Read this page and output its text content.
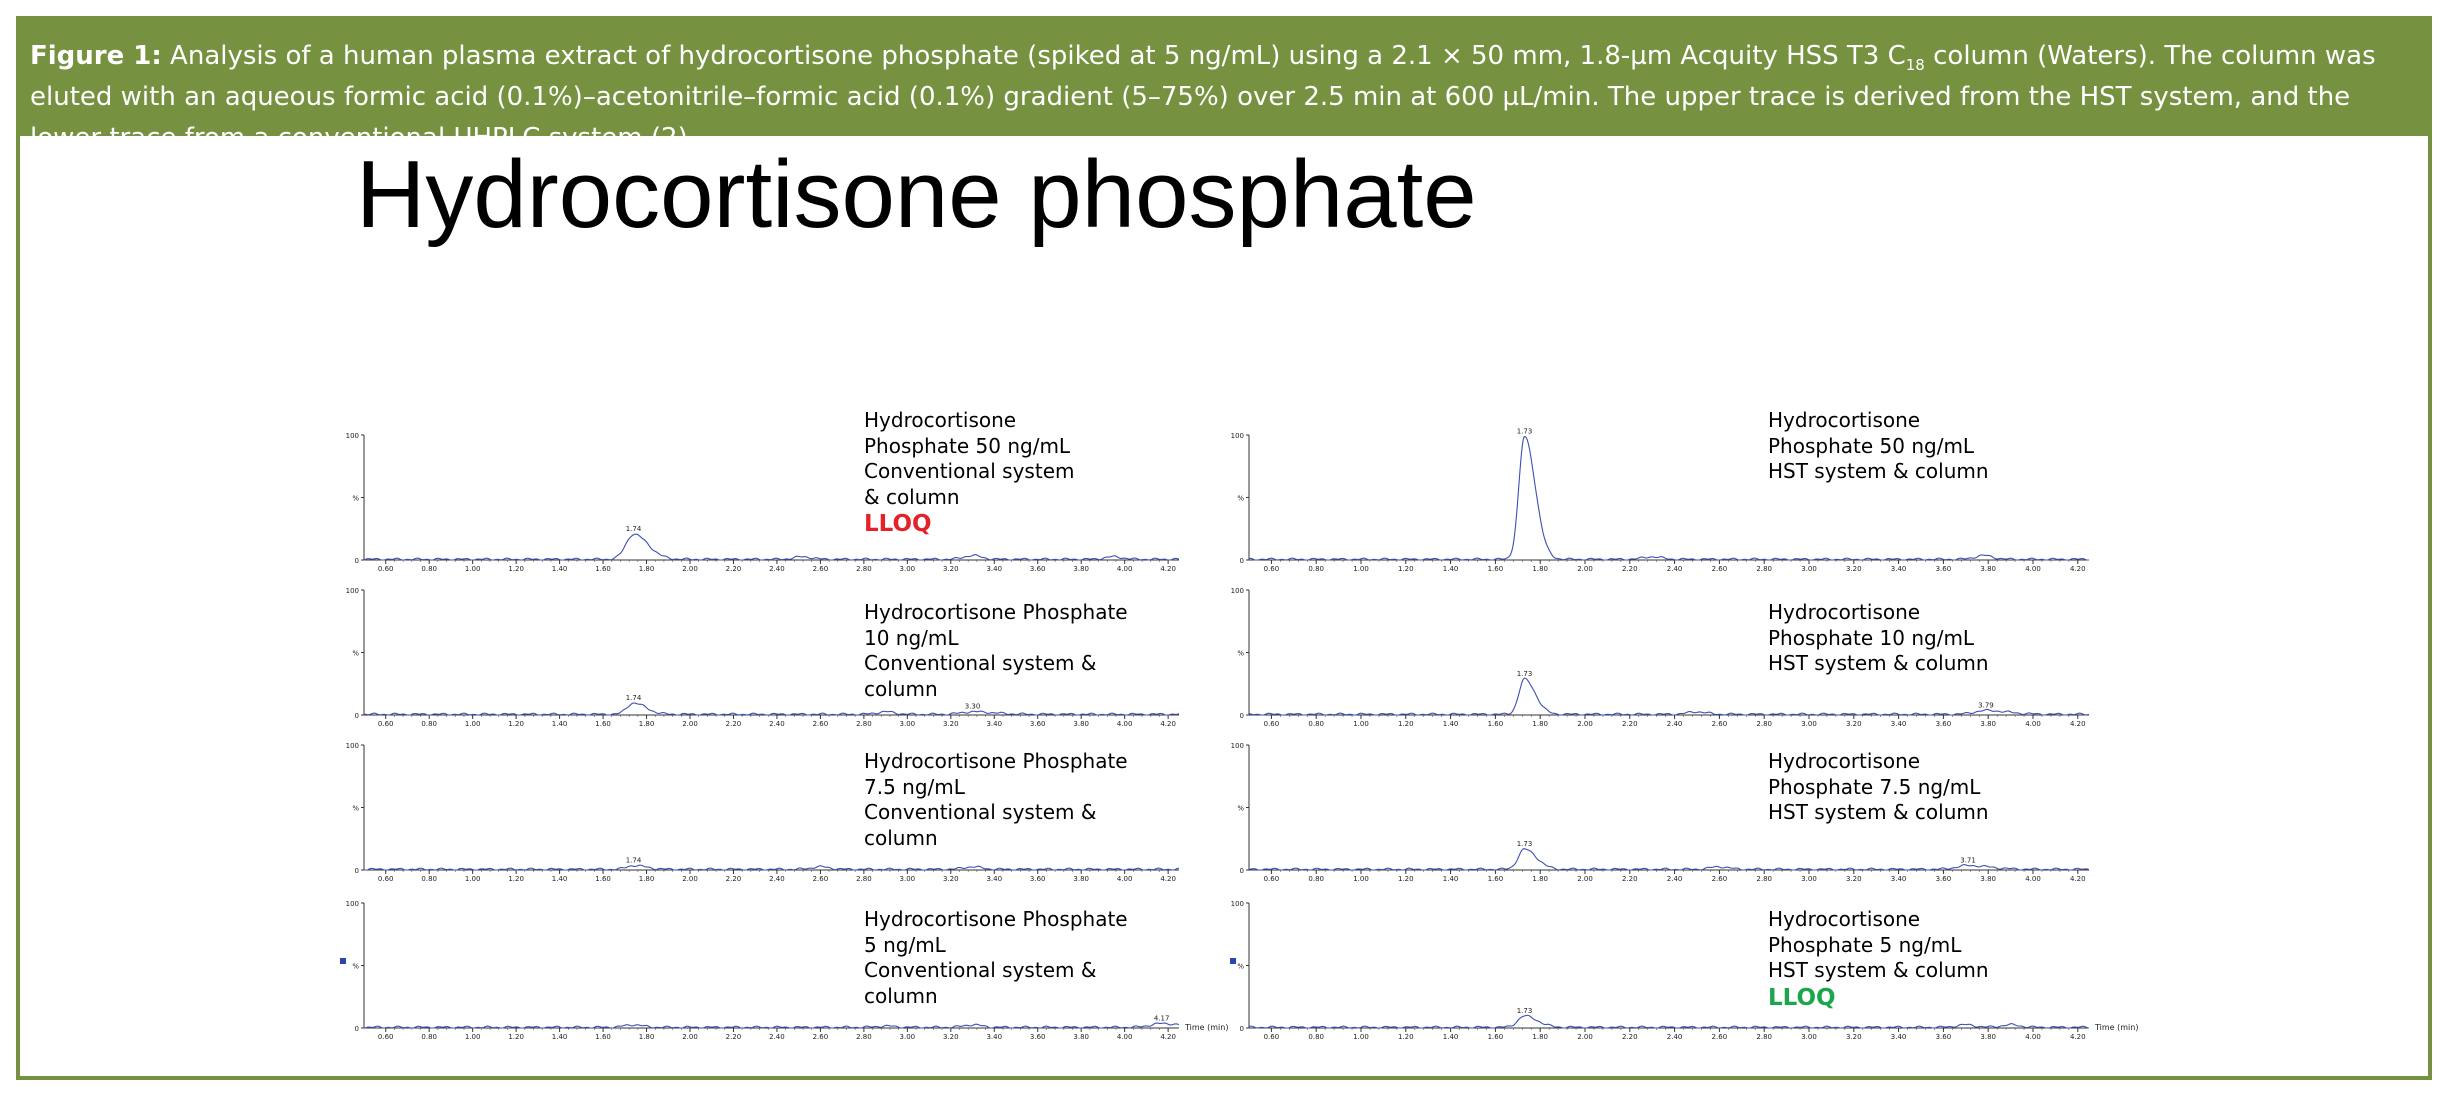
Figure 1: Analysis of a human plasma extract of hydrocortisone phosphate (spiked at 5 ng/mL) using a 2.1 × 50 mm, 1.8-µm Acquity HSS T3 $C_{18}$ column (Waters). The column was eluted with an aqueous formic acid (0.1%)–acetonitrile–formic acid (0.1%) gradient (5–75%) over 2.5 min at 600 µL/min. The upper trace is derived from the HST system, and the lower trace from a conventional UHPLC system (2).
Hydrocortisone phosphate
0
%
100
0.60	0.80	1.00	1.20	1.40	1.60	1.80	2.00	2.20	2.40	2.60	2.80	3.00	3.20	3.40	3.60	3.80	4.00	4.20
1.74
0
%
100
0.60	0.80	1.00	1.20	1.40	1.60	1.80	2.00	2.20	2.40	2.60	2.80	3.00	3.20	3.40	3.60	3.80	4.00	4.20
1.73
0
%
100
0.60	0.80	1.00	1.20	1.40	1.60	1.80	2.00	2.20	2.40	2.60	2.80	3.00	3.20	3.40	3.60	3.80	4.00	4.20
1.74
3.30
0
%
100
0.60	0.80	1.00	1.20	1.40	1.60	1.80	2.00	2.20	2.40	2.60	2.80	3.00	3.20	3.40	3.60	3.80	4.00	4.20
1.73
3.79
0
%
100
0.60	0.80	1.00	1.20	1.40	1.60	1.80	2.00	2.20	2.40	2.60	2.80	3.00	3.20	3.40	3.60	3.80	4.00	4.20
1.74
0
%
100
0.60	0.80	1.00	1.20	1.40	1.60	1.80	2.00	2.20	2.40	2.60	2.80	3.00	3.20	3.40	3.60	3.80	4.00	4.20
1.73
3.71
0
%
100
0.60	0.80	1.00	1.20	1.40	1.60	1.80	2.00	2.20	2.40	2.60	2.80	3.00	3.20	3.40	3.60	3.80	4.00	4.20
Time (min)
4.17
0
%
100
0.60	0.80	1.00	1.20	1.40	1.60	1.80	2.00	2.20	2.40	2.60	2.80	3.00	3.20	3.40	3.60	3.80	4.00	4.20
Time (min)
1.73
Hydrocortisone
Phosphate 50 ng/mL
Conventional system
& column
LLOQ
Hydrocortisone
Phosphate 50 ng/mL
HST system & column
Hydrocortisone Phosphate
10 ng/mL
Conventional system &
column
Hydrocortisone
Phosphate 10 ng/mL
HST system & column
Hydrocortisone Phosphate
7.5 ng/mL
Conventional system &
column
Hydrocortisone
Phosphate 7.5 ng/mL
HST system & column
Hydrocortisone Phosphate
5 ng/mL
Conventional system &
column
Hydrocortisone
Phosphate 5 ng/mL
HST system & column
LLOQ
